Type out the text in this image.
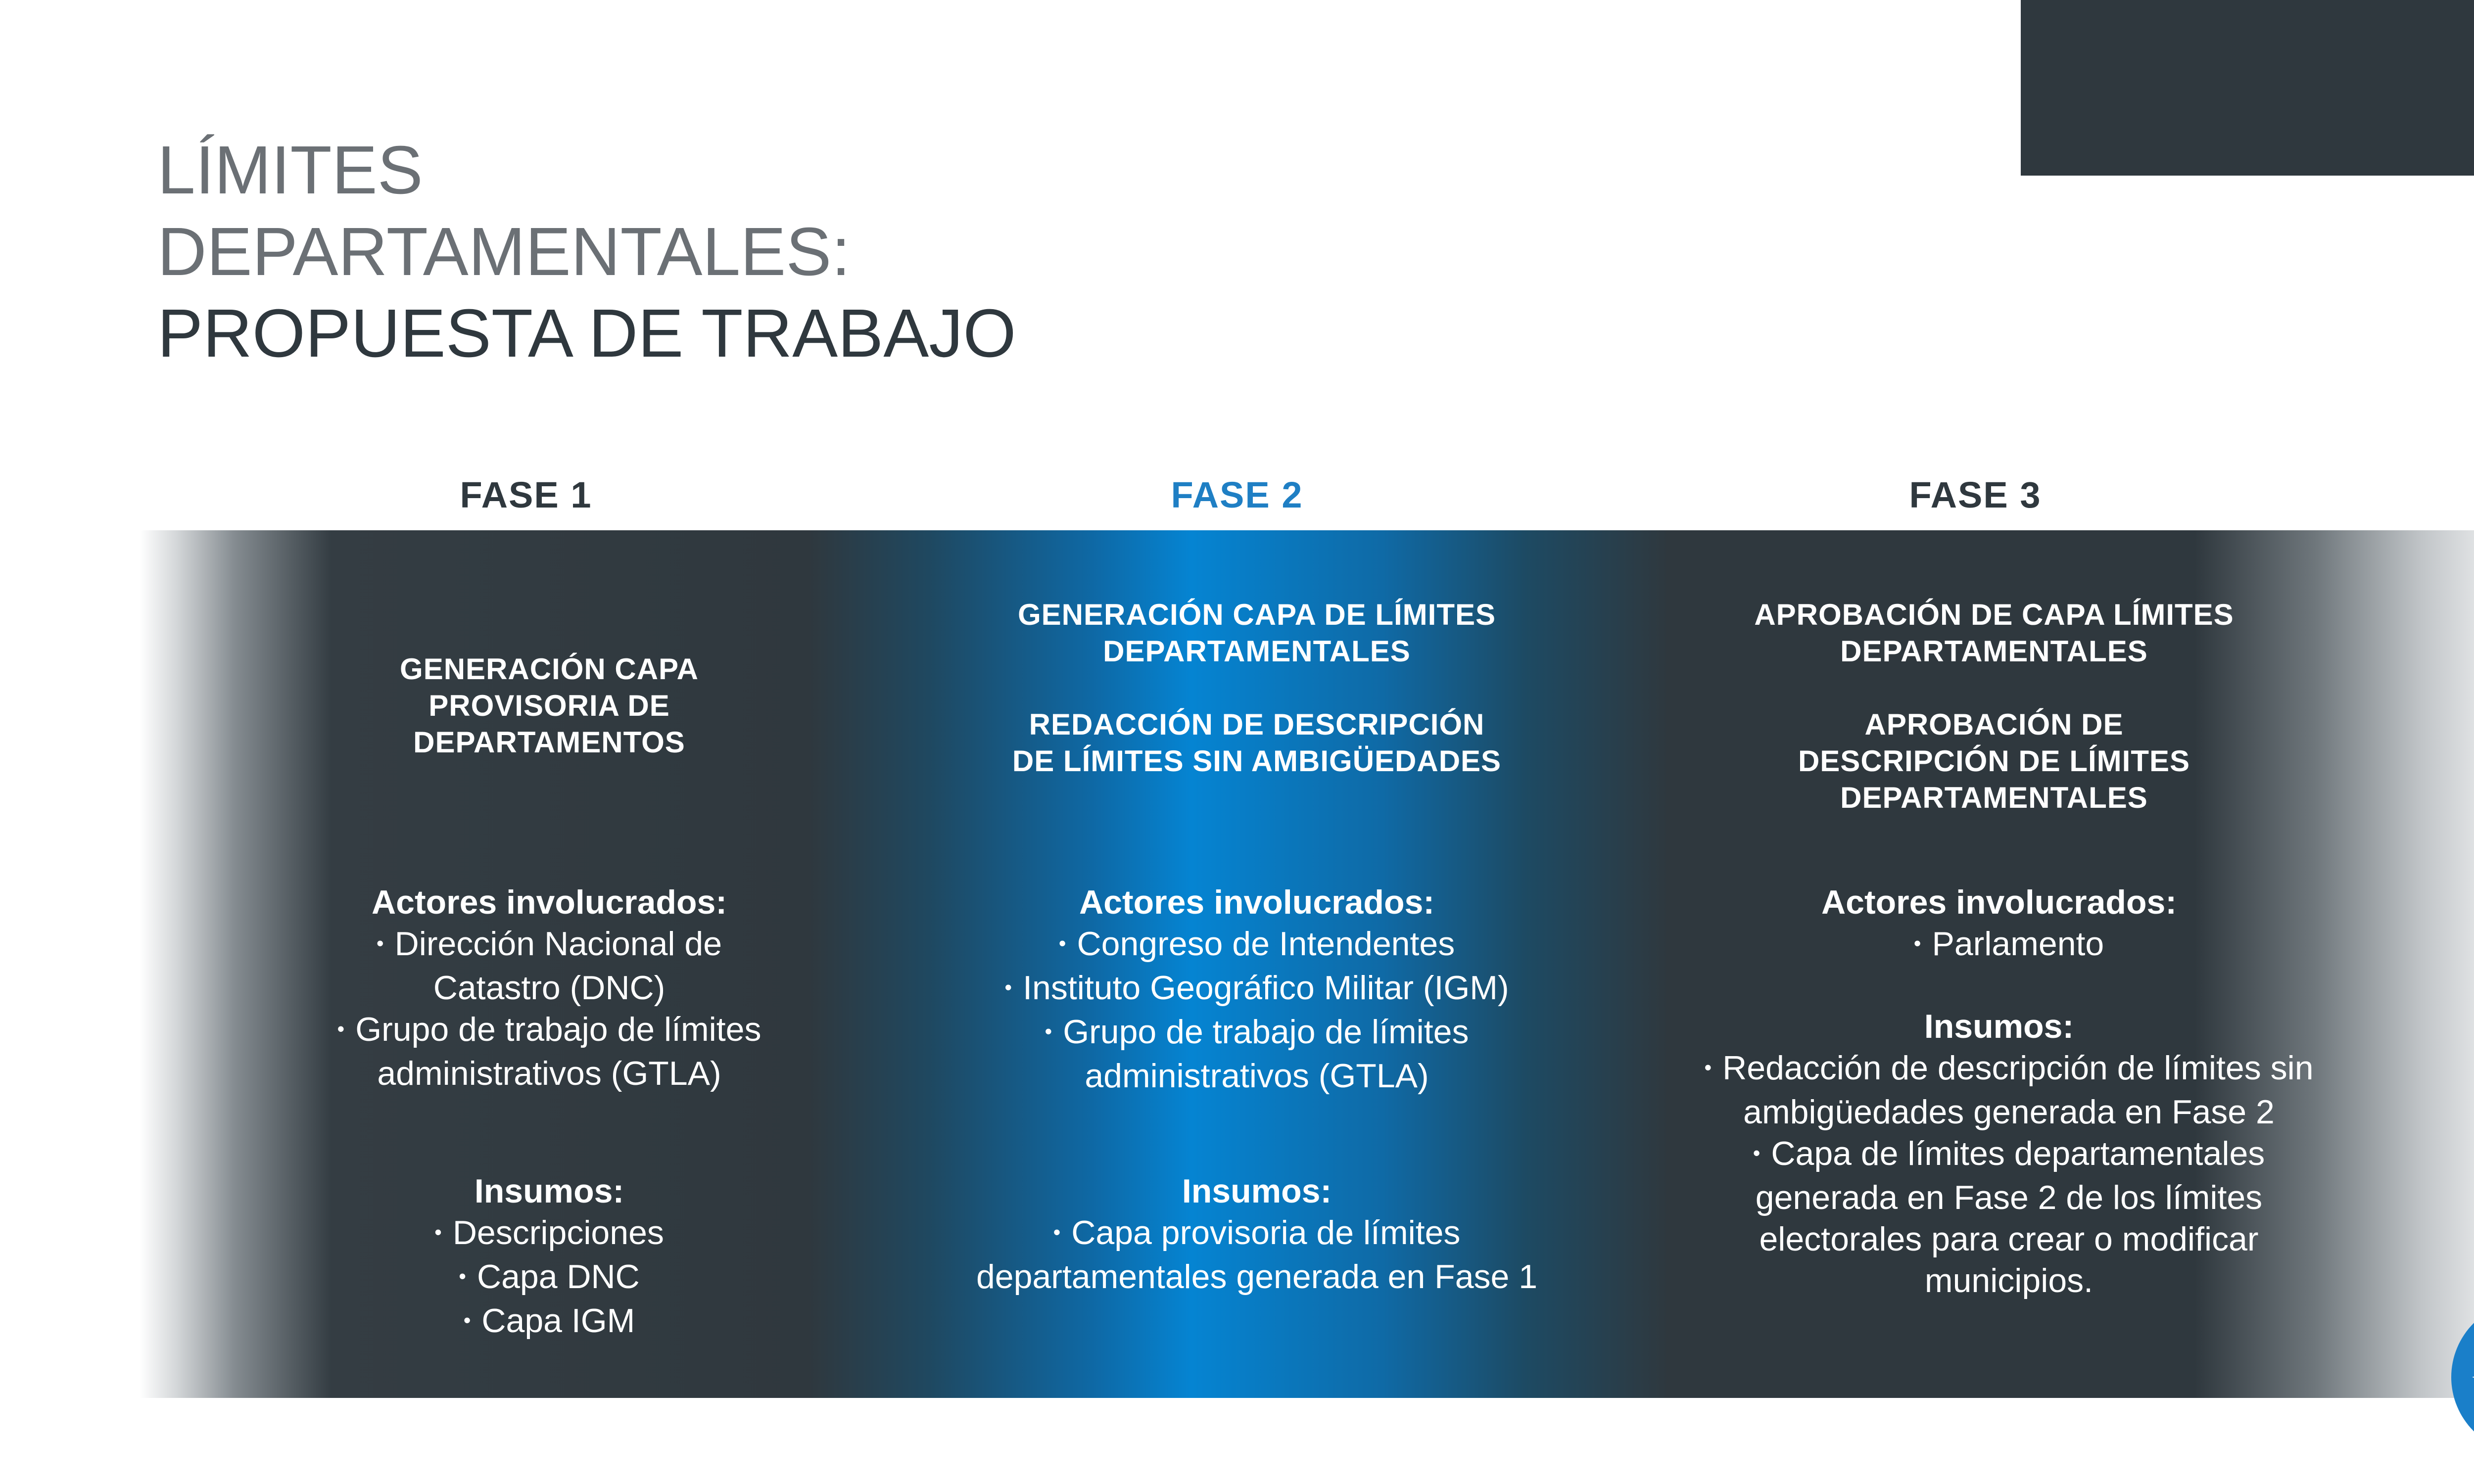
LÍMITES
DEPARTAMENTALES:
PROPUESTA DE TRABAJO
FASE 1	FASE 2	FASE 3
GENERACIÓN CAPA PROVISORIA DE DEPARTAMENTOS
Actores involucrados:
• Dirección Nacional de Catastro (DNC)
• Grupo de trabajo de límites administrativos (GTLA)
Insumos:
• Descripciones
• Capa DNC
• Capa IGM
GENERACIÓN CAPA DE LÍMITES DEPARTAMENTALES
REDACCIÓN DE DESCRIPCIÓN DE LÍMITES SIN AMBIGÜEDADES
Actores involucrados:
• Congreso de Intendentes
• Instituto Geográfico Militar (IGM)
• Grupo de trabajo de límites administrativos (GTLA)
Insumos:
• Capa provisoria de límites departamentales generada en Fase 1
APROBACIÓN DE CAPA LÍMITES DEPARTAMENTALES
APROBACIÓN DE DESCRIPCIÓN DE LÍMITES DEPARTAMENTALES
Actores involucrados:
• Parlamento
Insumos:
• Redacción de descripción de límites sin ambigüedades generada en Fase 2
• Capa de límites departamentales generada en Fase 2 de los límites electorales para crear o modificar municipios.
